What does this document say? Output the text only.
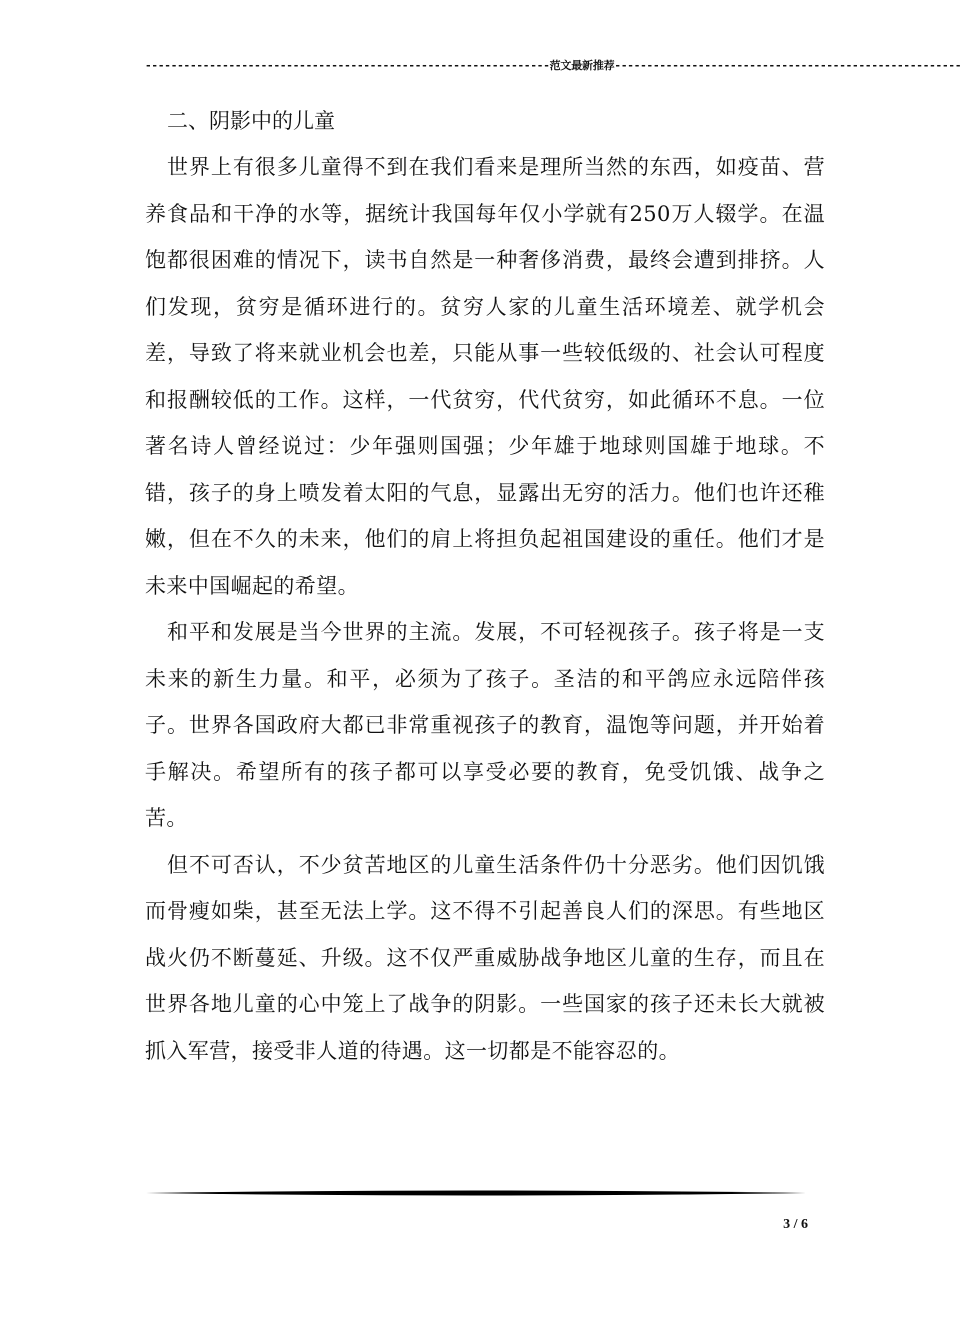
---------------------------------------------------------------范文最新推荐------------------------------------------------------

二、阴影中的儿童

世界上有很多儿童得不到在我们看来是理所当然的东西，如疫苗、营养食品和干净的水等，据统计我国每年仅小学就有250万人辍学。在温饱都很困难的情况下，读书自然是一种奢侈消费，最终会遭到排挤。人们发现，贫穷是循环进行的。贫穷人家的儿童生活环境差、就学机会差，导致了将来就业机会也差，只能从事一些较低级的、社会认可程度和报酬较低的工作。这样，一代贫穷，代代贫穷，如此循环不息。一位著名诗人曾经说过：少年强则国强；少年雄于地球则国雄于地球。不错，孩子的身上喷发着太阳的气息，显露出无穷的活力。他们也许还稚嫩，但在不久的未来，他们的肩上将担负起祖国建设的重任。他们才是未来中国崛起的希望。

和平和发展是当今世界的主流。发展，不可轻视孩子。孩子将是一支未来的新生力量。和平，必须为了孩子。圣洁的和平鸽应永远陪伴孩子。世界各国政府大都已非常重视孩子的教育，温饱等问题，并开始着手解决。希望所有的孩子都可以享受必要的教育，免受饥饿、战争之苦。

但不可否认，不少贫苦地区的儿童生活条件仍十分恶劣。他们因饥饿而骨瘦如柴，甚至无法上学。这不得不引起善良人们的深思。有些地区战火仍不断蔓延、升级。这不仅严重威胁战争地区儿童的生存，而且在世界各地儿童的心中笼上了战争的阴影。一些国家的孩子还未长大就被抓入军营，接受非人道的待遇。这一切都是不能容忍的。

3 / 6
